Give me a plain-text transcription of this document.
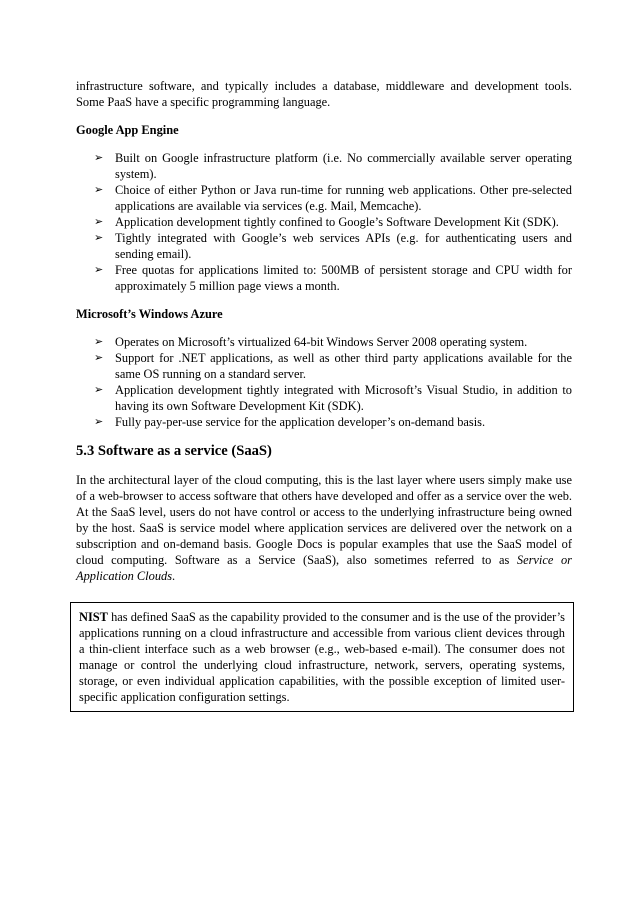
infrastructure software, and typically includes a database, middleware and development tools. Some PaaS have a specific programming language.

Google App Engine

➢ Built on Google infrastructure platform (i.e. No commercially available server operating system).
➢ Choice of either Python or Java run-time for running web applications. Other pre-selected applications are available via services (e.g. Mail, Memcache).
➢ Application development tightly confined to Google’s Software Development Kit (SDK).
➢ Tightly integrated with Google’s web services APIs (e.g. for authenticating users and sending email).
➢ Free quotas for applications limited to: 500MB of persistent storage and CPU width for approximately 5 million page views a month.

Microsoft’s Windows Azure

➢ Operates on Microsoft’s virtualized 64-bit Windows Server 2008 operating system.
➢ Support for .NET applications, as well as other third party applications available for the same OS running on a standard server.
➢ Application development tightly integrated with Microsoft’s Visual Studio, in addition to having its own Software Development Kit (SDK).
➢ Fully pay-per-use service for the application developer’s on-demand basis.

5.3 Software as a service (SaaS)

In the architectural layer of the cloud computing, this is the last layer where users simply make use of a web-browser to access software that others have developed and offer as a service over the web. At the SaaS level, users do not have control or access to the underlying infrastructure being owned by the host. SaaS is service model where application services are delivered over the network on a subscription and on-demand basis. Google Docs is popular examples that use the SaaS model of cloud computing. Software as a Service (SaaS), also sometimes referred to as Service or Application Clouds.

NIST has defined SaaS as the capability provided to the consumer and is the use of the provider’s applications running on a cloud infrastructure and accessible from various client devices through a thin-client interface such as a web browser (e.g., web-based e-mail). The consumer does not manage or control the underlying cloud infrastructure, network, servers, operating systems, storage, or even individual application capabilities, with the possible exception of limited user-specific application configuration settings.
